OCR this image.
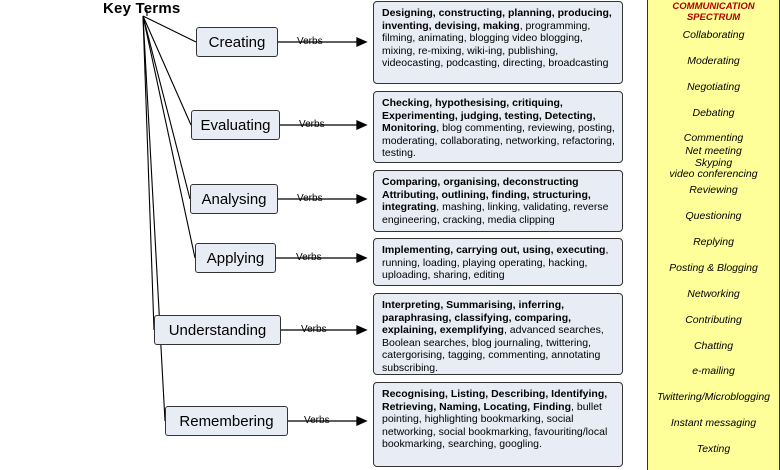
Key Terms
Creating
Evaluating
Analysing
Applying
Understanding
Remembering
Verbs
Verbs
Verbs
Verbs
Verbs
Verbs
Designing, constructing, planning, producing, inventing, devising, making, programming, filming, animating, blogging video blogging, mixing, re-mixing, wiki-ing, publishing, videocasting, podcasting, directing, broadcasting
Checking, hypothesising, critiquing, Experimenting, judging, testing, Detecting, Monitoring, blog commenting, reviewing, posting, moderating, collaborating, networking, refactoring, testing.
Comparing, organising, deconstructing Attributing, outlining, finding, structuring, integrating, mashing, linking, validating, reverse engineering, cracking, media clipping
Implementing, carrying out, using, executing, running, loading, playing operating, hacking, uploading, sharing, editing
Interpreting, Summarising, inferring, paraphrasing, classifying, comparing, explaining, exemplifying, advanced searches, Boolean searches, blog journaling, twittering, catergorising, tagging, commenting, annotating subscribing.
Recognising, Listing, Describing, Identifying, Retrieving, Naming, Locating, Finding, bullet pointing, highlighting bookmarking, social networking, social bookmarking, favouriting/local bookmarking, searching, googling.
COMMUNICATION SPECTRUM
Collaborating
Moderating
Negotiating
Debating
Commenting
Net meeting
Skyping
video conferencing
Reviewing
Questioning
Replying
Posting & Blogging
Networking
Contributing
Chatting
e-mailing
Twittering/Microblogging
Instant messaging
Texting
